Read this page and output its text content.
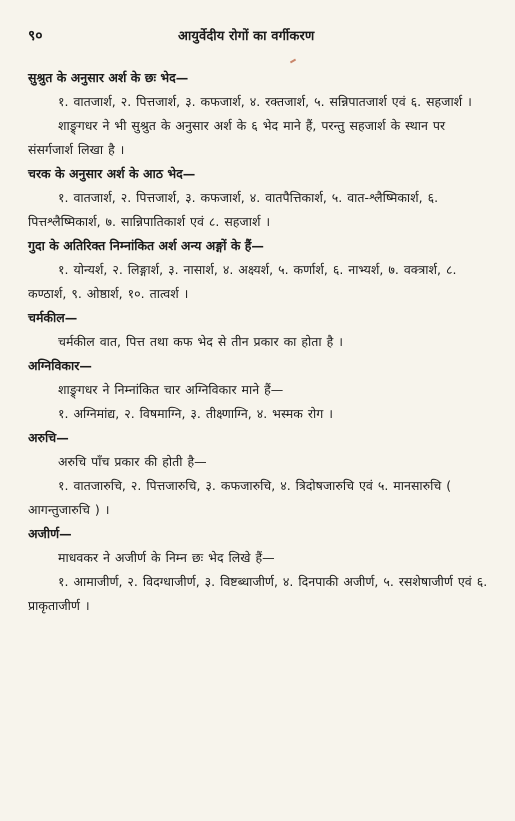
९०	आयुर्वेदीय रोगों का वर्गीकरण

सुश्रुत के अनुसार अर्श के छः भेद—

१. वातजार्श, २. पित्तजार्श, ३. कफजार्श, ४. रक्तजार्श, ५. सन्निपातजार्श एवं ६. सहजार्श ।

शाङ्र्गधर ने भी सुश्रुत के अनुसार अर्श के ६ भेद माने हैं, परन्तु सहजार्श के स्थान पर संसर्गजार्श लिखा है ।

चरक के अनुसार अर्श के आठ भेद—

१. वातजार्श, २. पित्तजार्श, ३. कफजार्श, ४. वातपैत्तिकार्श, ५. वात-श्लैष्मिकार्श, ६. पित्तश्लैष्मिकार्श, ७. सान्निपातिकार्श एवं ८. सहजार्श ।

गुदा के अतिरिक्त निम्नांकित अर्श अन्य अङ्गों के हैं—

१. योन्यर्श, २. लिङ्गार्श, ३. नासार्श, ४. अक्ष्यर्श, ५. कर्णार्श, ६. नाभ्यर्श, ७. वक्त्रार्श, ८. कण्ठार्श, ९. ओष्ठार्श, १०. तात्वर्श ।

चर्मकील—

चर्मकील वात, पित्त तथा कफ भेद से तीन प्रकार का होता है ।

अग्निविकार—

शाङ्र्गधर ने निम्नांकित चार अग्निविकार माने हैं—

१. अग्निमांद्य, २. विषमाग्नि, ३. तीक्ष्णाग्नि, ४. भस्मक रोग ।

अरुचि—

अरुचि पाँच प्रकार की होती है—

१. वातजारुचि, २. पित्तजारुचि, ३. कफजारुचि, ४. त्रिदोषजारुचि एवं ५. मानसारुचि ( आगन्तुजारुचि ) ।

अजीर्ण—

माधवकर ने अजीर्ण के निम्न छः भेद लिखे हैं—

१. आमाजीर्ण, २. विदग्धाजीर्ण, ३. विष्टब्धाजीर्ण, ४. दिनपाकी अजीर्ण, ५. रसशेषाजीर्ण एवं ६. प्राकृताजीर्ण ।
